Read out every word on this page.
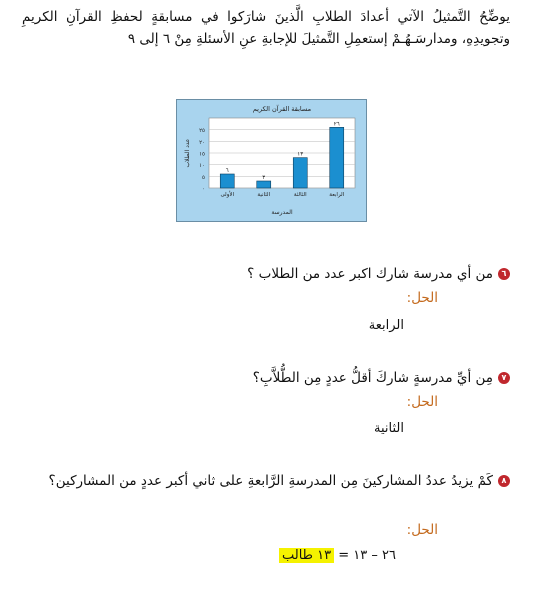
يوضِّحُ التَّمثيلُ الآتي أعدادَ الطلابِ الَّذينَ شارَكوا في مسابقةٍ لحفظِ القرآنِ الكريمِ وتجويدِهِ، ومدارسَـهُـمْ إستعمِلِ التَّمثيلَ للإجابةِ عنِ الأسئلةِ مِنْ ٦ إلى ٩
٠
٥
١٠
١٥
٢٠
٢٥
٦
الأولى
٣
الثانية
١٣
الثالثة
٢٦
الرابعة
مسابقة القرآن الكريم
المدرسة
عدد الطلاب
٦من أي مدرسة شارك اكبر عدد من الطلاب ؟
الحل:
الرابعة
٧مِن أيِّ مدرسةٍ شاركَ أقلُّ عددٍ مِن الطُّلاَّبِ؟
الحل:
الثانية
٨كَمْ يزيدُ عددُ المشاركينَ مِن المدرسةِ الرَّابعةِ على ثاني أكبر عددٍ من المشاركين؟
الحل:
٢٦ – ١٣ = ١٣ طالب
